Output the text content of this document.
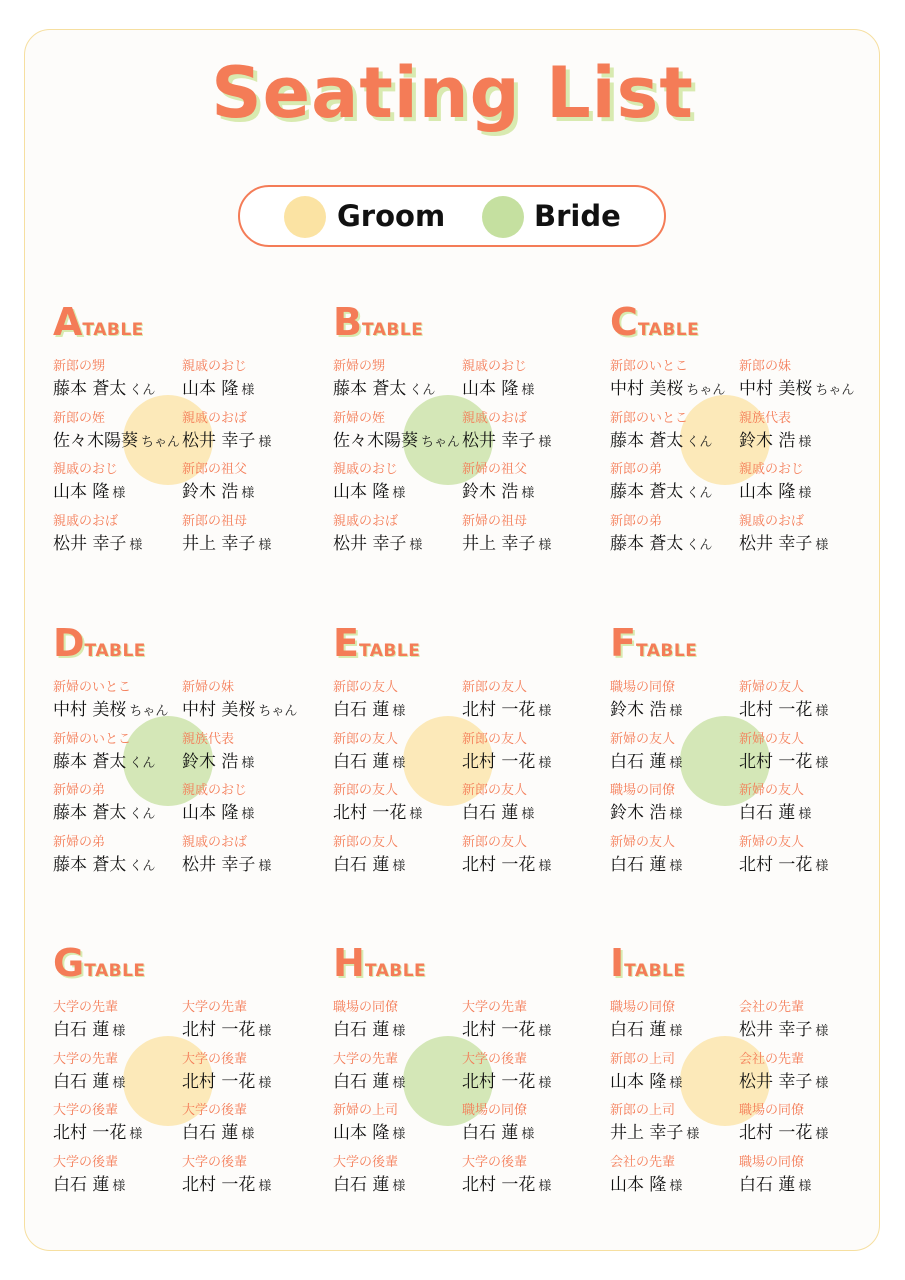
Seating List
Groom	Bride
ATABLE
新郎の甥
藤本 蒼太 くん
親戚のおじ
山本 隆 様
新郎の姪
佐々木陽葵 ちゃん
親戚のおば
松井 幸子 様
親戚のおじ
山本 隆 様
新郎の祖父
鈴木 浩 様
親戚のおば
松井 幸子 様
新郎の祖母
井上 幸子 様
BTABLE
新婦の甥
藤本 蒼太 くん
親戚のおじ
山本 隆 様
新婦の姪
佐々木陽葵 ちゃん
親戚のおば
松井 幸子 様
親戚のおじ
山本 隆 様
新婦の祖父
鈴木 浩 様
親戚のおば
松井 幸子 様
新婦の祖母
井上 幸子 様
CTABLE
新郎のいとこ
中村 美桜 ちゃん
新郎の妹
中村 美桜 ちゃん
新郎のいとこ
藤本 蒼太 くん
親族代表
鈴木 浩 様
新郎の弟
藤本 蒼太 くん
親戚のおじ
山本 隆 様
新郎の弟
藤本 蒼太 くん
親戚のおば
松井 幸子 様
DTABLE
新婦のいとこ
中村 美桜 ちゃん
新婦の妹
中村 美桜 ちゃん
新婦のいとこ
藤本 蒼太 くん
親族代表
鈴木 浩 様
新婦の弟
藤本 蒼太 くん
親戚のおじ
山本 隆 様
新婦の弟
藤本 蒼太 くん
親戚のおば
松井 幸子 様
ETABLE
新郎の友人
白石 蓮 様
新郎の友人
北村 一花 様
新郎の友人
白石 蓮 様
新郎の友人
北村 一花 様
新郎の友人
北村 一花 様
新郎の友人
白石 蓮 様
新郎の友人
白石 蓮 様
新郎の友人
北村 一花 様
FTABLE
職場の同僚
鈴木 浩 様
新婦の友人
北村 一花 様
新婦の友人
白石 蓮 様
新婦の友人
北村 一花 様
職場の同僚
鈴木 浩 様
新婦の友人
白石 蓮 様
新婦の友人
白石 蓮 様
新婦の友人
北村 一花 様
GTABLE
大学の先輩
白石 蓮 様
大学の先輩
北村 一花 様
大学の先輩
白石 蓮 様
大学の後輩
北村 一花 様
大学の後輩
北村 一花 様
大学の後輩
白石 蓮 様
大学の後輩
白石 蓮 様
大学の後輩
北村 一花 様
HTABLE
職場の同僚
白石 蓮 様
大学の先輩
北村 一花 様
大学の先輩
白石 蓮 様
大学の後輩
北村 一花 様
新婦の上司
山本 隆 様
職場の同僚
白石 蓮 様
大学の後輩
白石 蓮 様
大学の後輩
北村 一花 様
ITABLE
職場の同僚
白石 蓮 様
会社の先輩
松井 幸子 様
新郎の上司
山本 隆 様
会社の先輩
松井 幸子 様
新郎の上司
井上 幸子 様
職場の同僚
北村 一花 様
会社の先輩
山本 隆 様
職場の同僚
白石 蓮 様
